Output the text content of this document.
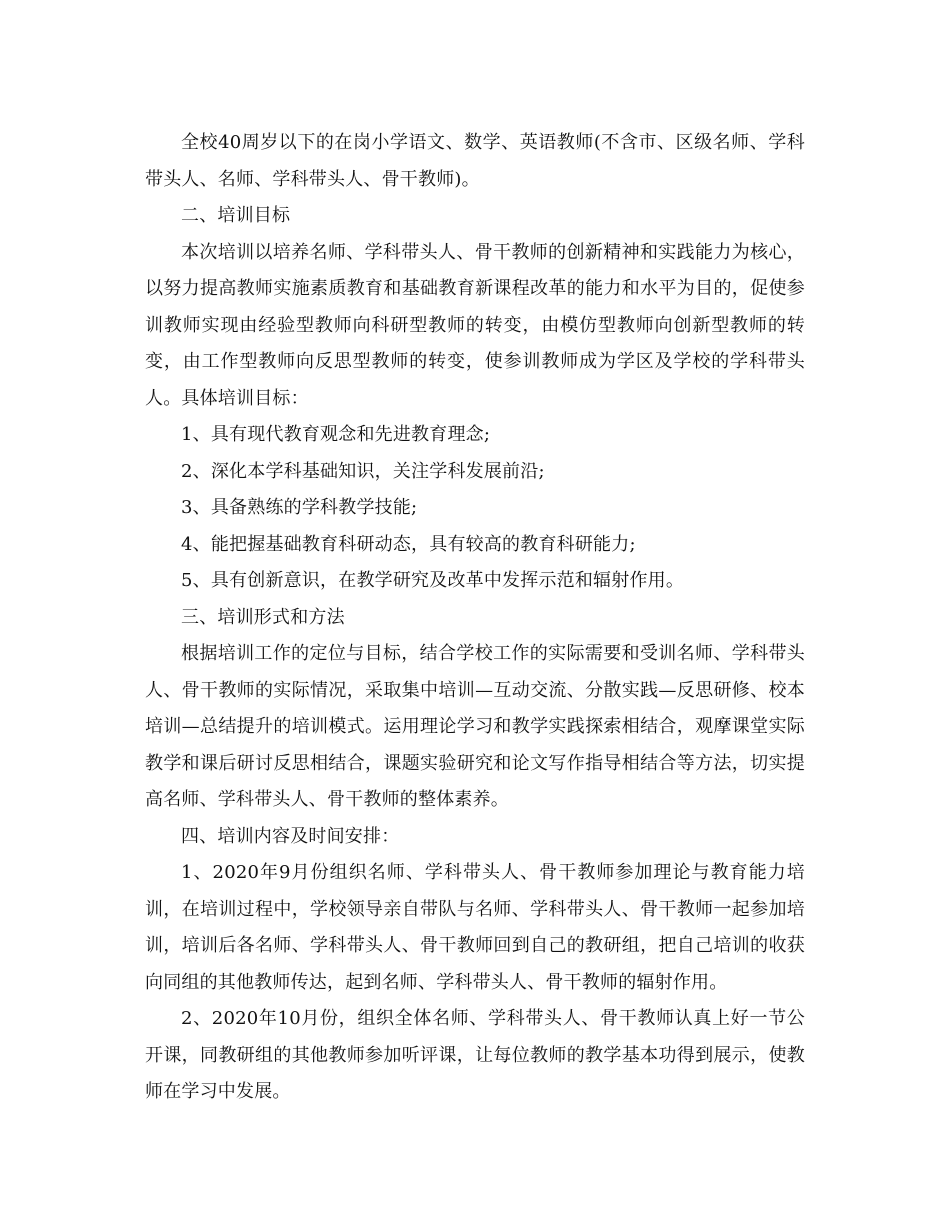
全校40周岁以下的在岗小学语文、数学、英语教师(不含市、区级名师、学科带头人、名师、学科带头人、骨干教师)。

二、培训目标

本次培训以培养名师、学科带头人、骨干教师的创新精神和实践能力为核心，以努力提高教师实施素质教育和基础教育新课程改革的能力和水平为目的，促使参训教师实现由经验型教师向科研型教师的转变，由模仿型教师向创新型教师的转变，由工作型教师向反思型教师的转变，使参训教师成为学区及学校的学科带头人。具体培训目标：

1、具有现代教育观念和先进教育理念;

2、深化本学科基础知识，关注学科发展前沿;

3、具备熟练的学科教学技能;

4、能把握基础教育科研动态，具有较高的教育科研能力;

5、具有创新意识，在教学研究及改革中发挥示范和辐射作用。

三、培训形式和方法

根据培训工作的定位与目标，结合学校工作的实际需要和受训名师、学科带头人、骨干教师的实际情况，采取集中培训—互动交流、分散实践—反思研修、校本培训—总结提升的培训模式。运用理论学习和教学实践探索相结合，观摩课堂实际教学和课后研讨反思相结合，课题实验研究和论文写作指导相结合等方法，切实提高名师、学科带头人、骨干教师的整体素养。

四、培训内容及时间安排：

1、2020年9月份组织名师、学科带头人、骨干教师参加理论与教育能力培训，在培训过程中，学校领导亲自带队与名师、学科带头人、骨干教师一起参加培训，培训后各名师、学科带头人、骨干教师回到自己的教研组，把自己培训的收获向同组的其他教师传达，起到名师、学科带头人、骨干教师的辐射作用。

2、2020年10月份，组织全体名师、学科带头人、骨干教师认真上好一节公开课，同教研组的其他教师参加听评课，让每位教师的教学基本功得到展示，使教师在学习中发展。
